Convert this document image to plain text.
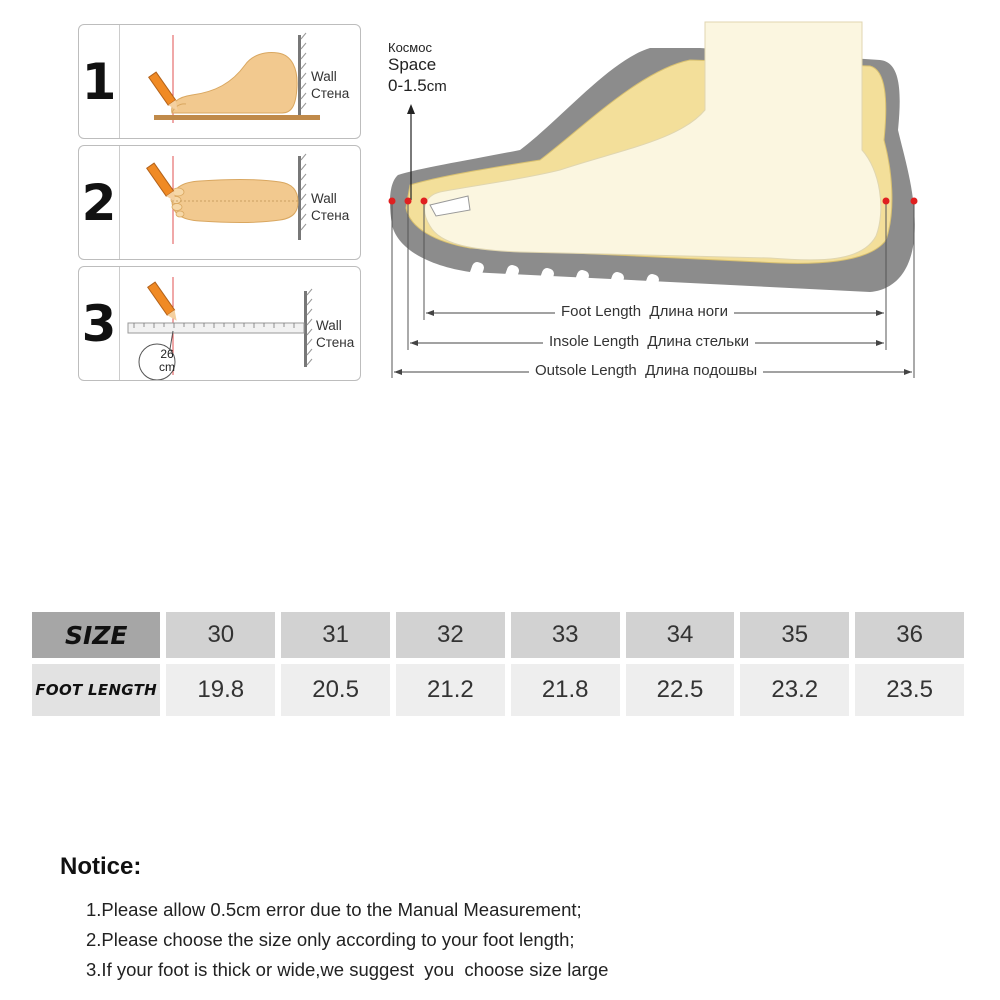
1	Wall
Стена
2	Wall
Стена
3
26
cm
Wall
Стена
Космос
Space
0-1.5cm
Foot Length Длина ноги
Insole Length Длина стельки
Outsole Length Длина подошвы
SIZE	30	31	32	33	34	35	36
FOOT LENGTH	19.8	20.5	21.2	21.8	22.5	23.2	23.5
Notice:
1.Please allow 0.5cm error due to the Manual Measurement;
2.Please choose the size only according to your foot length;
3.If your foot is thick or wide,we suggest  you  choose size large
